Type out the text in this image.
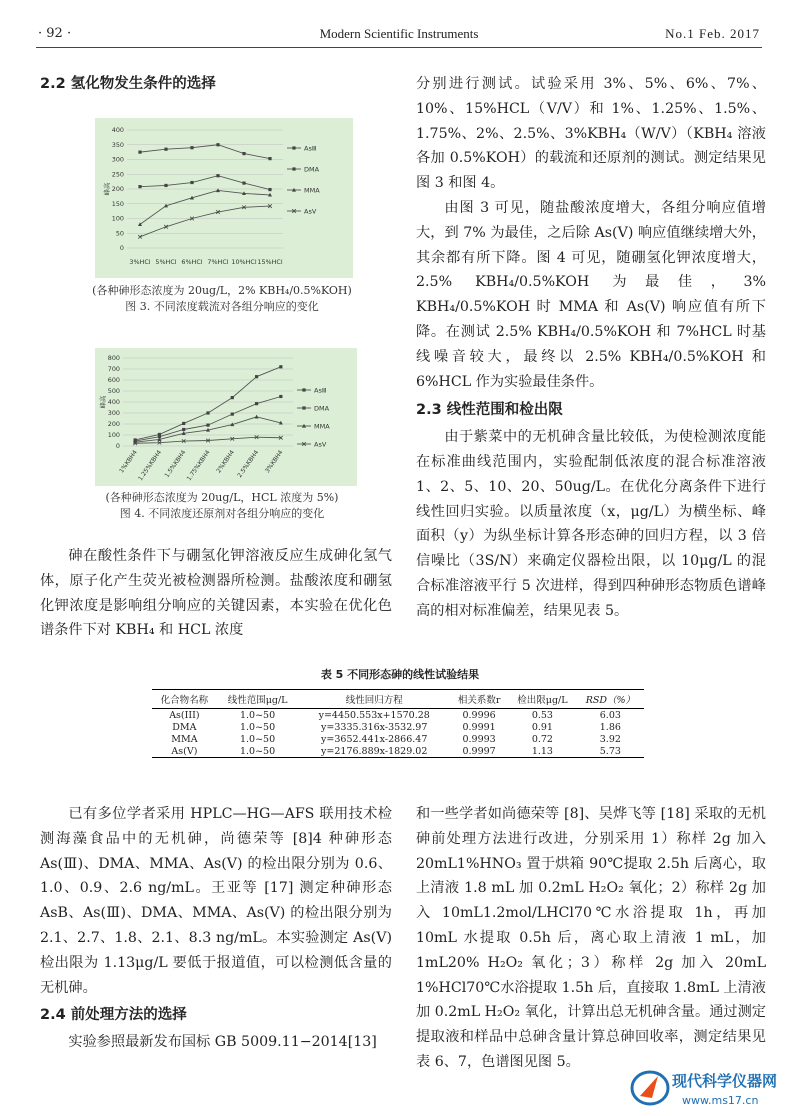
· 92 ·	Modern Scientific Instruments	No.1 Feb. 2017

2.2 氢化物发生条件的选择

0
50
100
150
200
250
300
350
400
峰高
3%HCl 5%HCl 6%HCl 7%HCl 10%HCl 15%HCl
AsⅢ
DMA
MMA
AsⅤ
(各种砷形态浓度为 20ug/L，2% KBH₄/0.5%KOH)
图 3. 不同浓度载流对各组分响应的变化
0
100
200
300
400
500
600
700
800
峰高
1%KBH4
1.25%KBH4 1.5%KBH4
1.75%KBH4 2%KBH4 2.5%KBH4 3%KBH4
AsⅢ
DMA
MMA
AsⅤ
(各种砷形态浓度为 20ug/L，HCL 浓度为 5%)
图 4. 不同浓度还原剂对各组分响应的变化

砷在酸性条件下与硼氢化钾溶液反应生成砷化氢气体，原子化产生荧光被检测器所检测。盐酸浓度和硼氢化钾浓度是影响组分响应的关键因素，本实验在优化色谱条件下对 KBH₄ 和 HCL 浓度

分别进行测试。试验采用 3%、5%、6%、7%、10%、15%HCL（V/V）和 1%、1.25%、1.5%、1.75%、2%、2.5%、3%KBH₄（W/V）（KBH₄ 溶液各加 0.5%KOH）的载流和还原剂的测试。测定结果见图 3 和图 4。

由图 3 可见，随盐酸浓度增大，各组分响应值增大，到 7% 为最佳，之后除 As(V) 响应值继续增大外，其余都有所下降。图 4 可见，随硼氢化钾浓度增大，2.5% KBH₄/0.5%KOH 为最佳，3% KBH₄/0.5%KOH 时 MMA 和 As(V) 响应值有所下降。在测试 2.5% KBH₄/0.5%KOH 和 7%HCL 时基线噪音较大，最终以 2.5% KBH₄/0.5%KOH 和 6%HCL 作为实验最佳条件。

2.3 线性范围和检出限

由于紫菜中的无机砷含量比较低，为使检测浓度能在标准曲线范围内，实验配制低浓度的混合标准溶液 1、2、5、10、20、50ug/L。在优化分离条件下进行线性回归实验。以质量浓度（x，μg/L）为横坐标、峰面积（y）为纵坐标计算各形态砷的回归方程，以 3 倍信噪比（3S/N）来确定仪器检出限，以 10μg/L 的混合标准溶液平行 5 次进样，得到四种砷形态物质色谱峰高的相对标准偏差，结果见表 5。

表 5 不同形态砷的线性试验结果
化合物名称	线性范围μg/L	线性回归方程	相关系数r	检出限μg/L	RSD（%）
As(III)	1.0~50	y=4450.553x+1570.28	0.9996	0.53	6.03
DMA	1.0~50	y=3335.316x-3532.97	0.9991	0.91	1.86
MMA	1.0~50	y=3652.441x-2866.47	0.9993	0.72	3.92
As(V)	1.0~50	y=2176.889x-1829.02	0.9997	1.13	5.73

已有多位学者采用 HPLC—HG—AFS 联用技术检测海藻食品中的无机砷，尚德荣等 [8]4 种砷形态 As(Ⅲ)、DMA、MMA、As(V) 的检出限分别为 0.6、1.0、0.9、2.6 ng/mL。王亚等 [17] 测定种砷形态 AsB、As(Ⅲ)、DMA、MMA、As(V) 的检出限分别为 2.1、2.7、1.8、2.1、8.3 ng/mL。本实验测定 As(V) 检出限为 1.13μg/L 要低于报道值，可以检测低含量的无机砷。

2.4 前处理方法的选择

实验参照最新发布国标 GB 5009.11−2014[13]

和一些学者如尚德荣等 [8]、吴烨飞等 [18] 采取的无机砷前处理方法进行改进，分别采用 1）称样 2g 加入 20mL1%HNO₃ 置于烘箱 90℃提取 2.5h 后离心，取上清液 1.8 mL 加 0.2mL H₂O₂ 氧化；2）称样 2g 加入 10mL1.2mol/LHCl70℃水浴提取 1h，再加 10mL 水提取 0.5h 后，离心取上清液 1 mL，加 1mL20% H₂O₂ 氧化；3）称样 2g 加入 20mL 1%HCl70℃水浴提取 1.5h 后，直接取 1.8mL 上清液加 0.2mL H₂O₂ 氧化，计算出总无机砷含量。通过测定提取液和样品中总砷含量计算总砷回收率，测定结果见表 6、7，色谱图见图 5。

现代科学仪器网
www.ms17.cn
